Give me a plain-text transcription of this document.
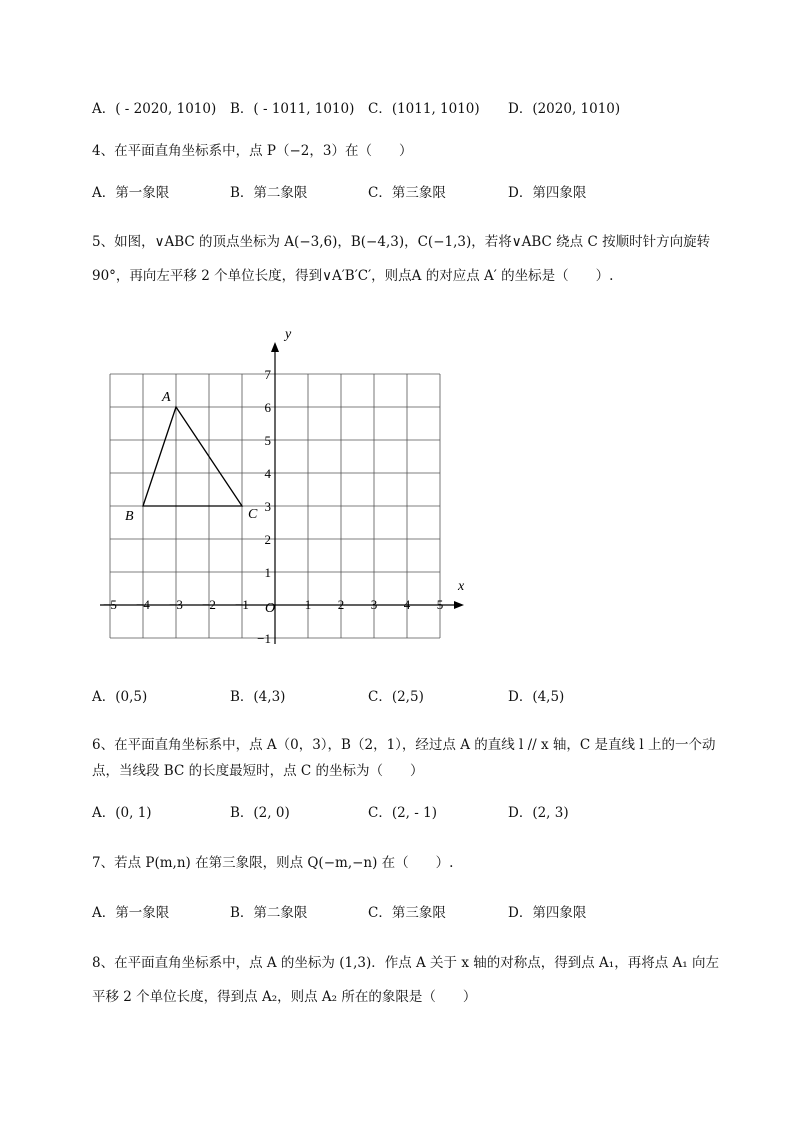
A．( - 2020, 1010) B．( - 1011, 1010) C．(1011, 1010) D．(2020, 1010)
4、在平面直角坐标系中，点 P（−2，3）在（　　）
A．第一象限	B．第二象限	C．第三象限	D．第四象限
5、如图，∨ABC 的顶点坐标为 A(−3,6)，B(−4,3)，C(−1,3)，若将∨ABC 绕点 C 按顺时针方向旋转
90°，再向左平移 2 个单位长度，得到∨A′B′C′，则点A 的对应点 A′ 的坐标是（　　）.
−5 −4 −3 −2 −1	1 2 3 4 5
7
6
5
4
3
2
1
−1
A
B	C
x
y
O
A．(0,5)	B．(4,3)	C．(2,5)	D．(4,5)
6、在平面直角坐标系中，点 A（0，3），B（2，1），经过点 A 的直线 l // x 轴，C 是直线 l 上的一个动
点，当线段 BC 的长度最短时，点 C 的坐标为（　　）
A．(0, 1)	B．(2, 0)	C．(2, - 1)	D．(2, 3)
7、若点 P(m,n) 在第三象限，则点 Q(−m,−n) 在（　　）.
A．第一象限	B．第二象限	C．第三象限	D．第四象限
8、在平面直角坐标系中，点 A 的坐标为 (1,3)．作点 A 关于 x 轴的对称点，得到点 A₁，再将点 A₁ 向左
平移 2 个单位长度，得到点 A₂，则点 A₂ 所在的象限是（　　）
